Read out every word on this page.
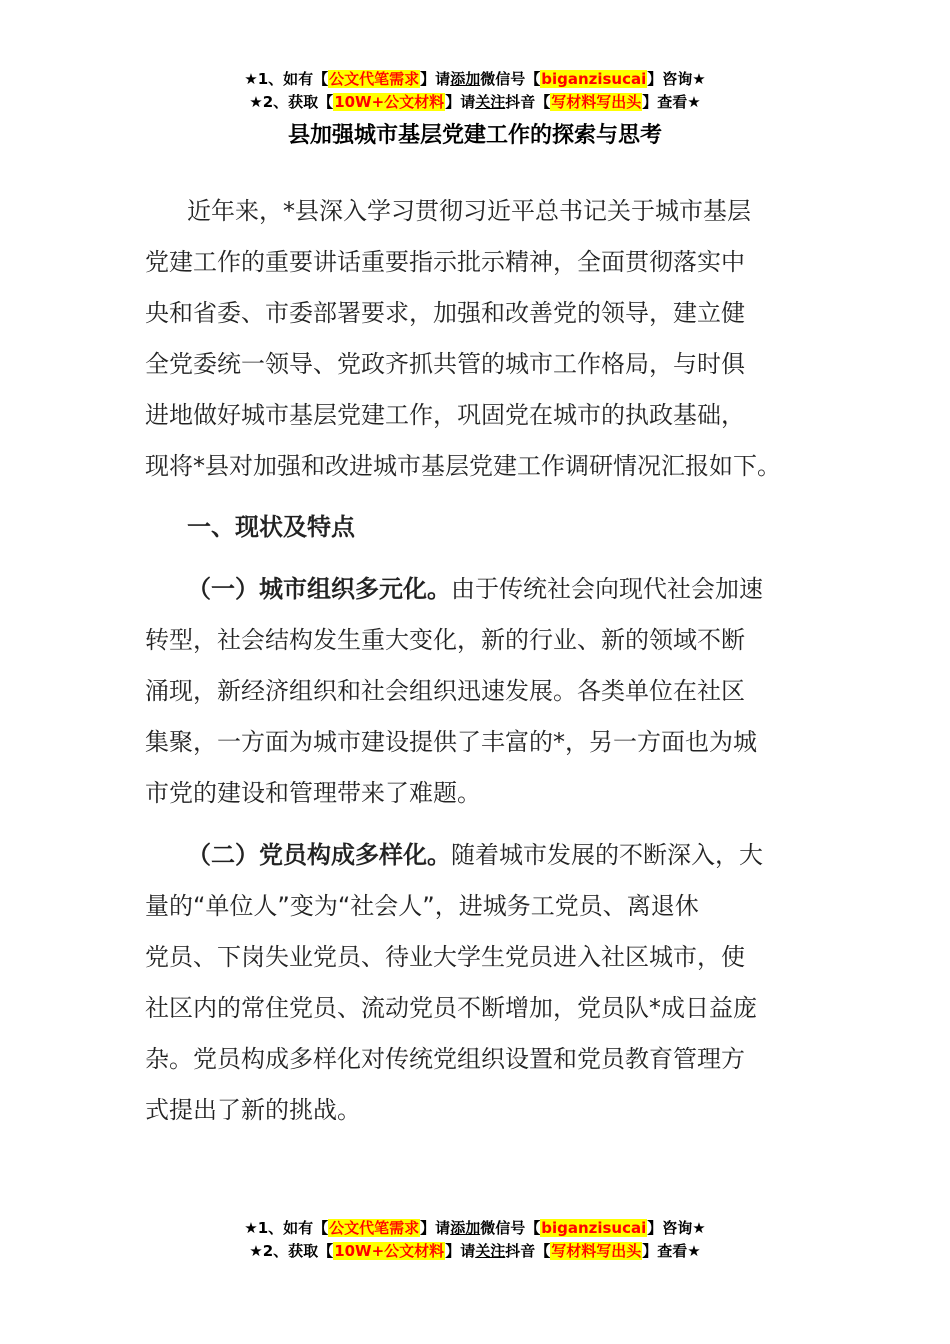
★1、如有【公文代笔需求】请添加微信号【biganzisucai】咨询★
★2、获取【10W+公文材料】请关注抖音【写材料写出头】查看★
县加强城市基层党建工作的探索与思考
近年来，*县深入学习贯彻习近平总书记关于城市基层
党建工作的重要讲话重要指示批示精神，全面贯彻落实中
央和省委、市委部署要求，加强和改善党的领导，建立健
全党委统一领导、党政齐抓共管的城市工作格局，与时俱
进地做好城市基层党建工作，巩固党在城市的执政基础，
现将*县对加强和改进城市基层党建工作调研情况汇报如下。
一、现状及特点
（一）城市组织多元化。由于传统社会向现代社会加速
转型，社会结构发生重大变化，新的行业、新的领域不断
涌现，新经济组织和社会组织迅速发展。各类单位在社区
集聚，一方面为城市建设提供了丰富的*，另一方面也为城
市党的建设和管理带来了难题。
（二）党员构成多样化。随着城市发展的不断深入，大
量的“单位人”变为“社会人”，进城务工党员、离退休
党员、下岗失业党员、待业大学生党员进入社区城市，使
社区内的常住党员、流动党员不断增加，党员队*成日益庞
杂。党员构成多样化对传统党组织设置和党员教育管理方
式提出了新的挑战。
★1、如有【公文代笔需求】请添加微信号【biganzisucai】咨询★
★2、获取【10W+公文材料】请关注抖音【写材料写出头】查看★
